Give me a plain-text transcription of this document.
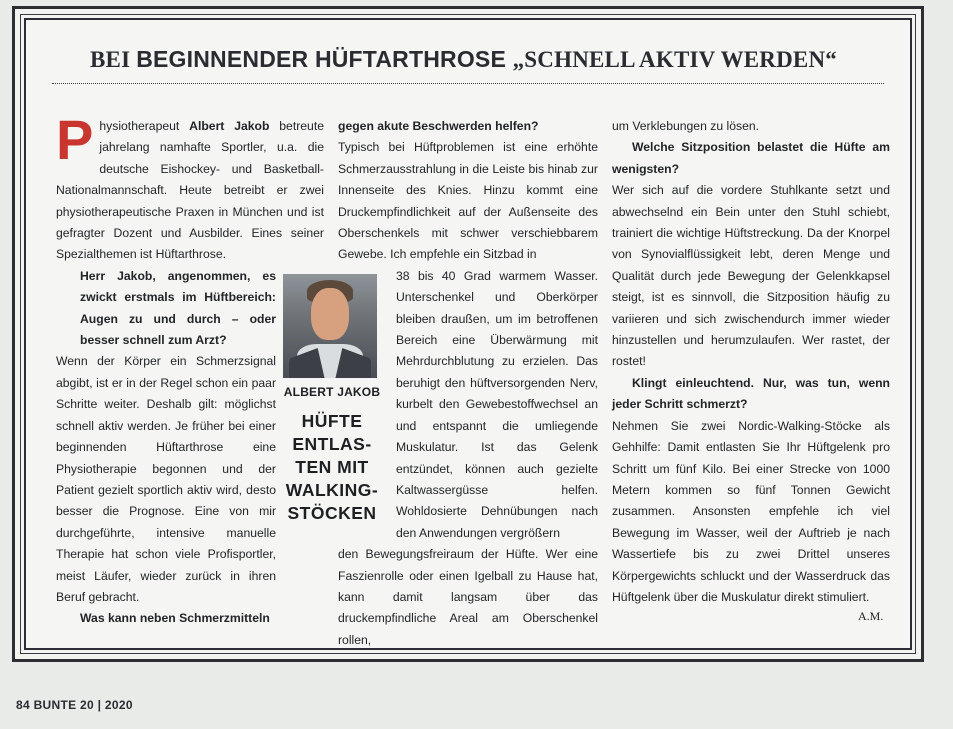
BEI BEGINNENDER HÜFTARTHROSE „SCHNELL AKTIV WERDEN“

Physiotherapeut Albert Jakob betreute jahrelang namhafte Sportler, u.a. die deutsche Eishockey- und Basketball-Nationalmannschaft. Heute betreibt er zwei physiotherapeutische Praxen in München und ist gefragter Dozent und Ausbilder. Eines seiner Spezialthemen ist Hüftarthrose.

Herr Jakob, angenommen, es zwickt erstmals im Hüftbereich: Augen zu und durch – oder besser schnell zum Arzt?

Wenn der Körper ein Schmerzsignal abgibt, ist er in der Regel schon ein paar Schritte weiter. Deshalb gilt: möglichst schnell aktiv werden. Je früher bei einer beginnenden Hüftarthrose eine Physiotherapie begonnen und der Patient gezielt sportlich aktiv wird, desto besser die Prognose. Eine von mir durchgeführte, intensive manuelle Therapie hat schon viele Profisportler, meist Läufer, wieder zurück in ihren Beruf gebracht.

Was kann neben Schmerzmitteln

ALBERT JAKOB
HÜFTE
ENTLAS-
TEN MIT
WALKING-
STÖCKEN

gegen akute Beschwerden helfen?

Typisch bei Hüftproblemen ist eine erhöhte Schmerzausstrahlung in die Leiste bis hinab zur Innenseite des Knies. Hinzu kommt eine Druckempfindlichkeit auf der Außenseite des Oberschenkels mit schwer verschiebbarem Gewebe. Ich empfehle ein Sitzbad in

38 bis 40 Grad warmem Wasser. Unterschenkel und Oberkörper bleiben draußen, um im betroffenen Bereich eine Überwärmung mit Mehrdurchblutung zu erzielen. Das beruhigt den hüftversorgenden Nerv, kurbelt den Gewebestoffwechsel an und entspannt die umliegende Muskulatur. Ist das Gelenk entzündet, können auch gezielte Kaltwassergüsse helfen. Wohldosierte Dehnübungen nach den Anwendungen vergrößern

den Bewegungsfreiraum der Hüfte. Wer eine Faszienrolle oder einen Igelball zu Hause hat, kann damit langsam über das druckempfindliche Areal am Oberschenkel rollen,

um Verklebungen zu lösen.

Welche Sitzposition belastet die Hüfte am wenigsten?

Wer sich auf die vordere Stuhlkante setzt und abwechselnd ein Bein unter den Stuhl schiebt, trainiert die wichtige Hüftstreckung. Da der Knorpel von Synovialflüssigkeit lebt, deren Menge und Qualität durch jede Bewegung der Gelenkkapsel steigt, ist es sinnvoll, die Sitzposition häufig zu variieren und sich zwischendurch immer wieder hinzustellen und herumzulaufen. Wer rastet, der rostet!

Klingt einleuchtend. Nur, was tun, wenn jeder Schritt schmerzt?

Nehmen Sie zwei Nordic-Walking-Stöcke als Gehhilfe: Damit entlasten Sie Ihr Hüftgelenk pro Schritt um fünf Kilo. Bei einer Strecke von 1000 Metern kommen so fünf Tonnen Gewicht zusammen. Ansonsten empfehle ich viel Bewegung im Wasser, weil der Auftrieb je nach Wassertiefe bis zu zwei Drittel unseres Körpergewichts schluckt und der Wasserdruck das Hüftgelenk über die Muskulatur direkt stimuliert.

A.M.
84 BUNTE 20 | 2020
